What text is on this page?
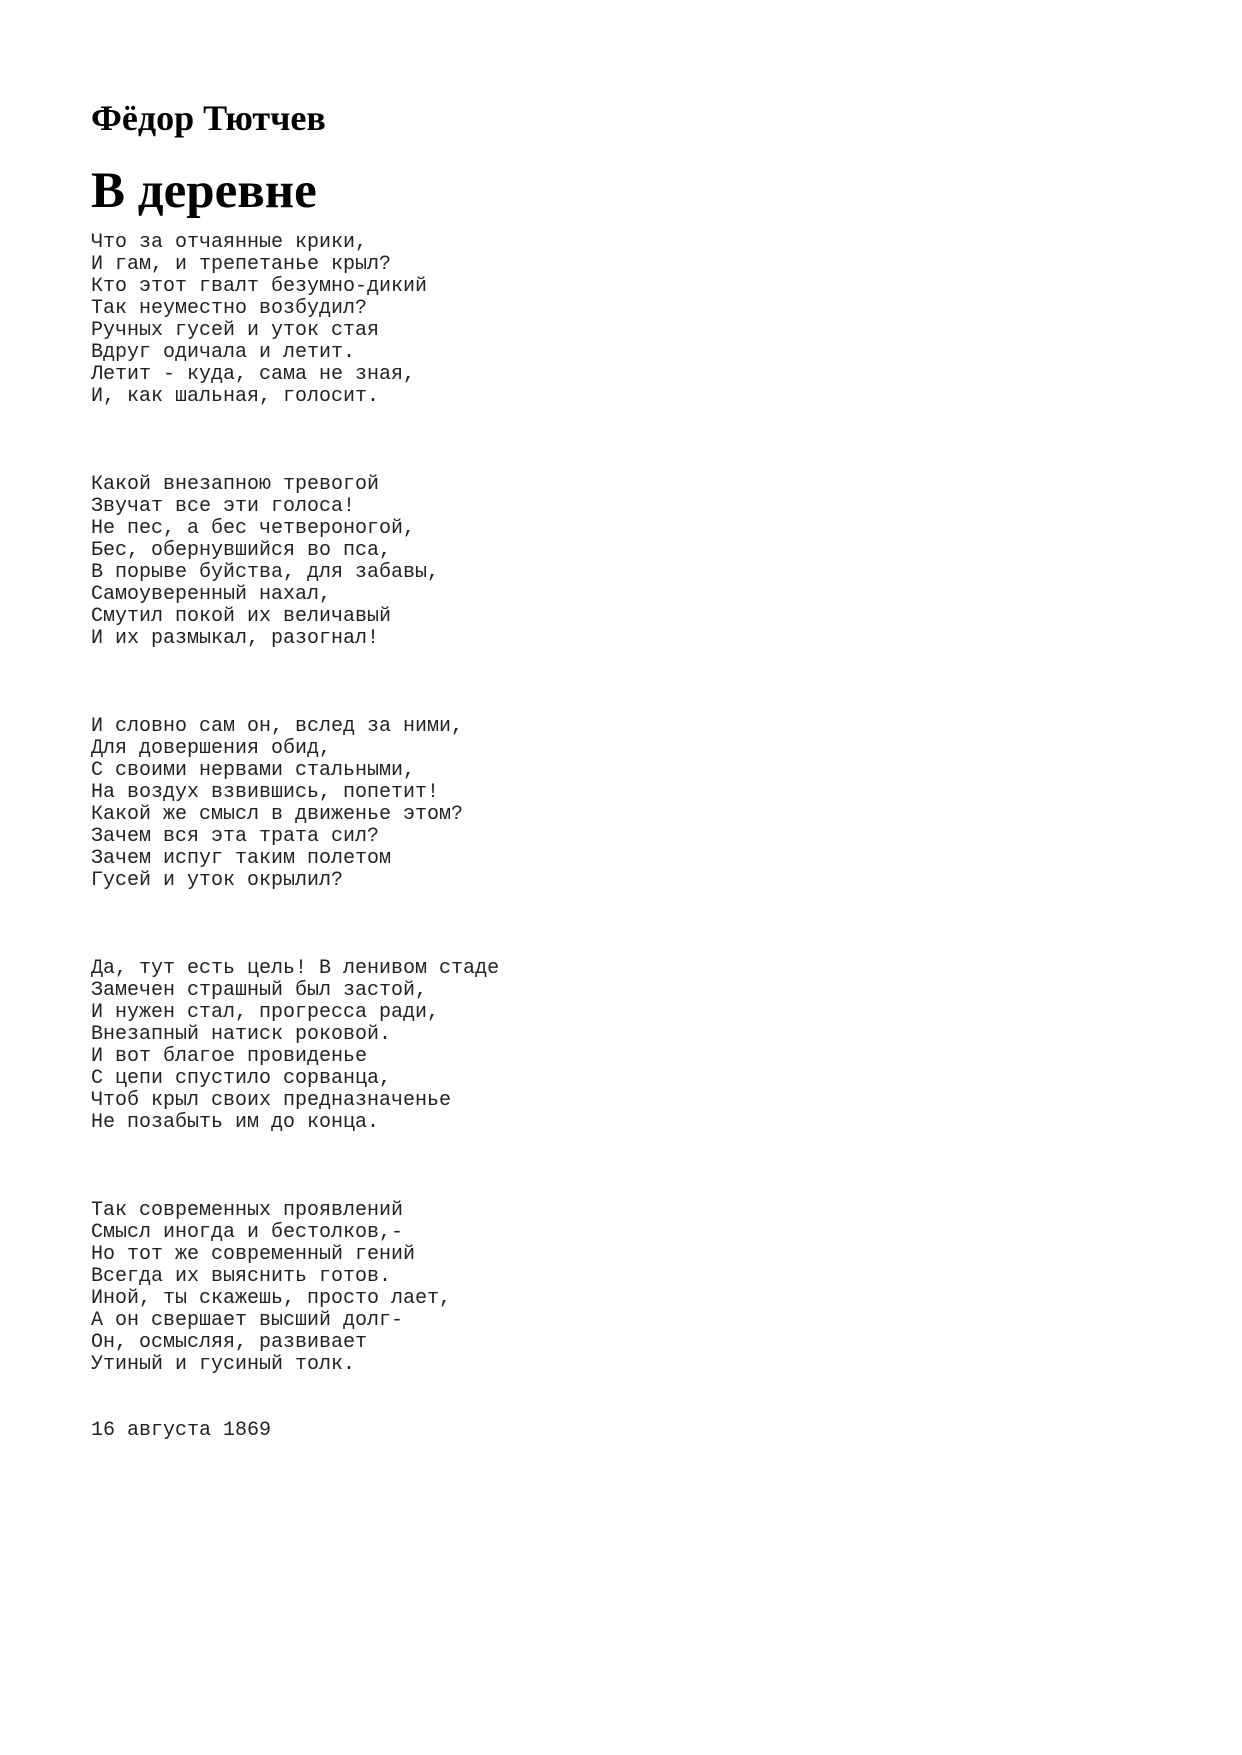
Фёдор Тютчев
В деревне
Что за отчаянные крики,
И гам, и трепетанье крыл?
Кто этот гвалт безумно-дикий
Так неуместно возбудил?
Ручных гусей и уток стая
Вдруг одичала и летит.
Летит - куда, сама не зная,
И, как шальная, голосит.
Какой внезапною тревогой
Звучат все эти голоса!
Не пес, а бес четвероногой,
Бес, обернувшийся во пса,
В порыве буйства, для забавы,
Самоуверенный нахал,
Смутил покой их величавый
И их размыкал, разогнал!
И словно сам он, вслед за ними,
Для довершения обид,
С своими нервами стальными,
На воздух взвившись, попетит!
Какой же смысл в движенье этом?
Зачем вся эта трата сил?
Зачем испуг таким полетом
Гусей и уток окрылил?
Да, тут есть цель! В ленивом стаде
Замечен страшный был застой,
И нужен стал, прогресса ради,
Внезапный натиск роковой.
И вот благое провиденье
С цепи спустило сорванца,
Чтоб крыл своих предназначенье
Не позабыть им до конца.
Так современных проявлений
Смысл иногда и бестолков,-
Но тот же современный гений
Всегда их выяснить готов.
Иной, ты скажешь, просто лает,
А он свершает высший долг-
Он, осмысляя, развивает
Утиный и гусиный толк.
16 августа 1869
